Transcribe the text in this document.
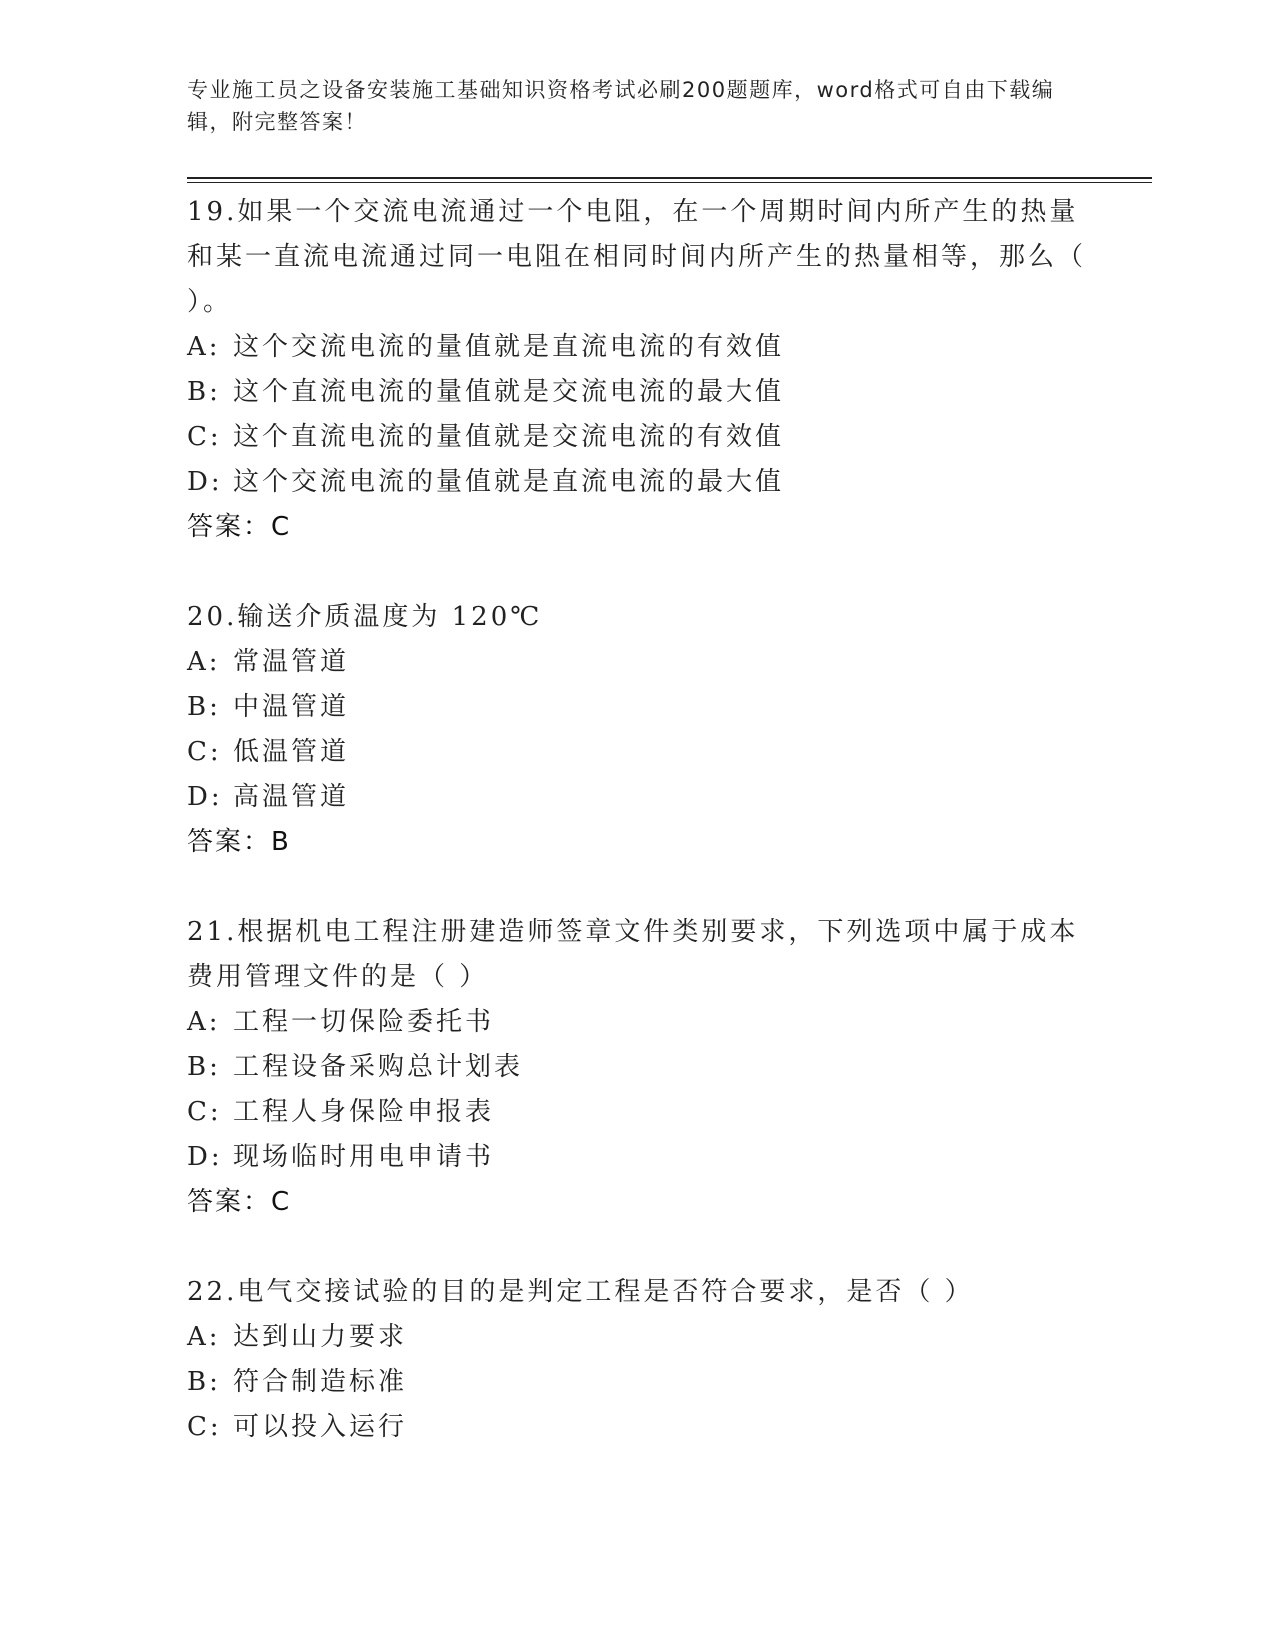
专业施工员之设备安装施工基础知识资格考试必刷200题题库，word格式可自由下载编辑，附完整答案！

19.如果一个交流电流通过一个电阻，在一个周期时间内所产生的热量和某一直流电流通过同一电阻在相同时间内所产生的热量相等，那么（ ）。

A: 这个交流电流的量值就是直流电流的有效值

B: 这个直流电流的量值就是交流电流的最大值

C: 这个直流电流的量值就是交流电流的有效值

D: 这个交流电流的量值就是直流电流的最大值

答案：C

20.输送介质温度为 120℃

A: 常温管道

B: 中温管道

C: 低温管道

D: 高温管道

答案：B

21.根据机电工程注册建造师签章文件类别要求，下列选项中属于成本费用管理文件的是（ ）

A: 工程一切保险委托书

B: 工程设备采购总计划表

C: 工程人身保险申报表

D: 现场临时用电申请书

答案：C

22.电气交接试验的目的是判定工程是否符合要求，是否（ ）

A: 达到山力要求

B: 符合制造标准

C: 可以投入运行
